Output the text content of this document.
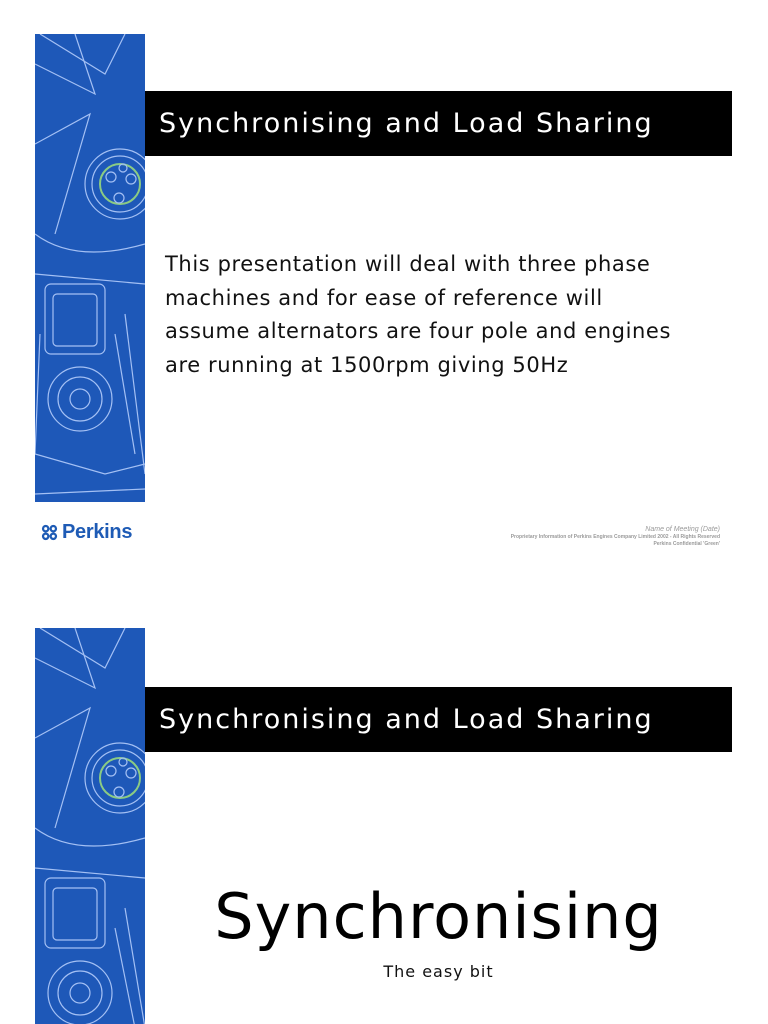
Synchronising and Load Sharing
This presentation will deal with three phase
machines and for ease of reference will
assume alternators are four pole and engines
are running at 1500rpm giving 50Hz
Perkins	Name of Meeting (Date)
Proprietary Information of Perkins Engines Company Limited 2002 - All Rights Reserved
Perkins Confidential 'Green'
Synchronising and Load Sharing
Synchronising
The easy bit
